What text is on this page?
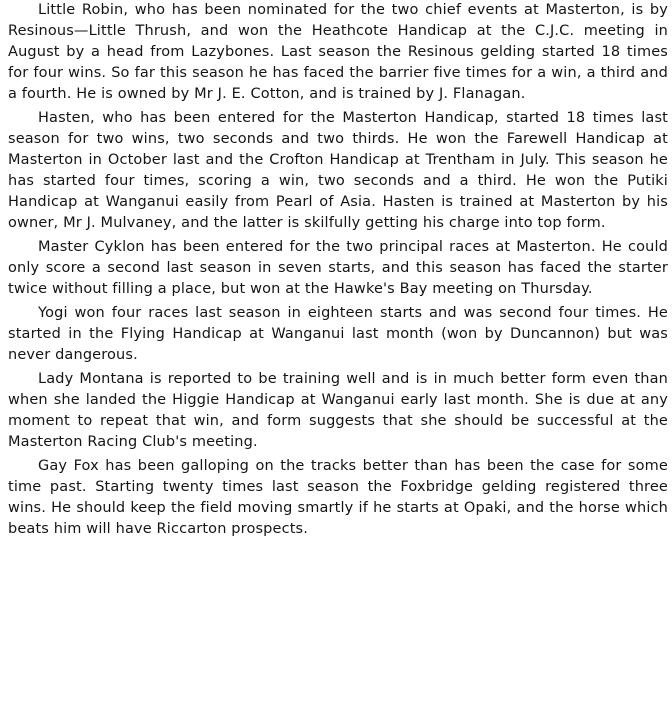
Little Robin, who has been nominated for the two chief events at Masterton, is by Resinous—Little Thrush, and won the Heathcote Handicap at the C.J.C. meeting in August by a head from Lazybones. Last season the Resinous gelding started 18 times for four wins. So far this season he has faced the barrier five times for a win, a third and a fourth. He is owned by Mr J. E. Cotton, and is trained by J. Flanagan.

Hasten, who has been entered for the Masterton Handicap, started 18 times last season for two wins, two seconds and two thirds. He won the Farewell Handicap at Masterton in October last and the Crofton Handicap at Trentham in July. This season he has started four times, scoring a win, two seconds and a third. He won the Putiki Handicap at Wanganui easily from Pearl of Asia. Hasten is trained at Masterton by his owner, Mr J. Mulvaney, and the latter is skilfully getting his charge into top form.

Master Cyklon has been entered for the two principal races at Masterton. He could only score a second last season in seven starts, and this season has faced the starter twice without filling a place, but won at the Hawke's Bay meeting on Thursday.

Yogi won four races last season in eighteen starts and was second four times. He started in the Flying Handicap at Wanganui last month (won by Duncannon) but was never dangerous.

Lady Montana is reported to be training well and is in much better form even than when she landed the Higgie Handicap at Wanganui early last month. She is due at any moment to repeat that win, and form suggests that she should be successful at the Masterton Racing Club's meeting.

Gay Fox has been galloping on the tracks better than has been the case for some time past. Starting twenty times last season the Foxbridge gelding registered three wins. He should keep the field moving smartly if he starts at Opaki, and the horse which beats him will have Riccarton prospects.
